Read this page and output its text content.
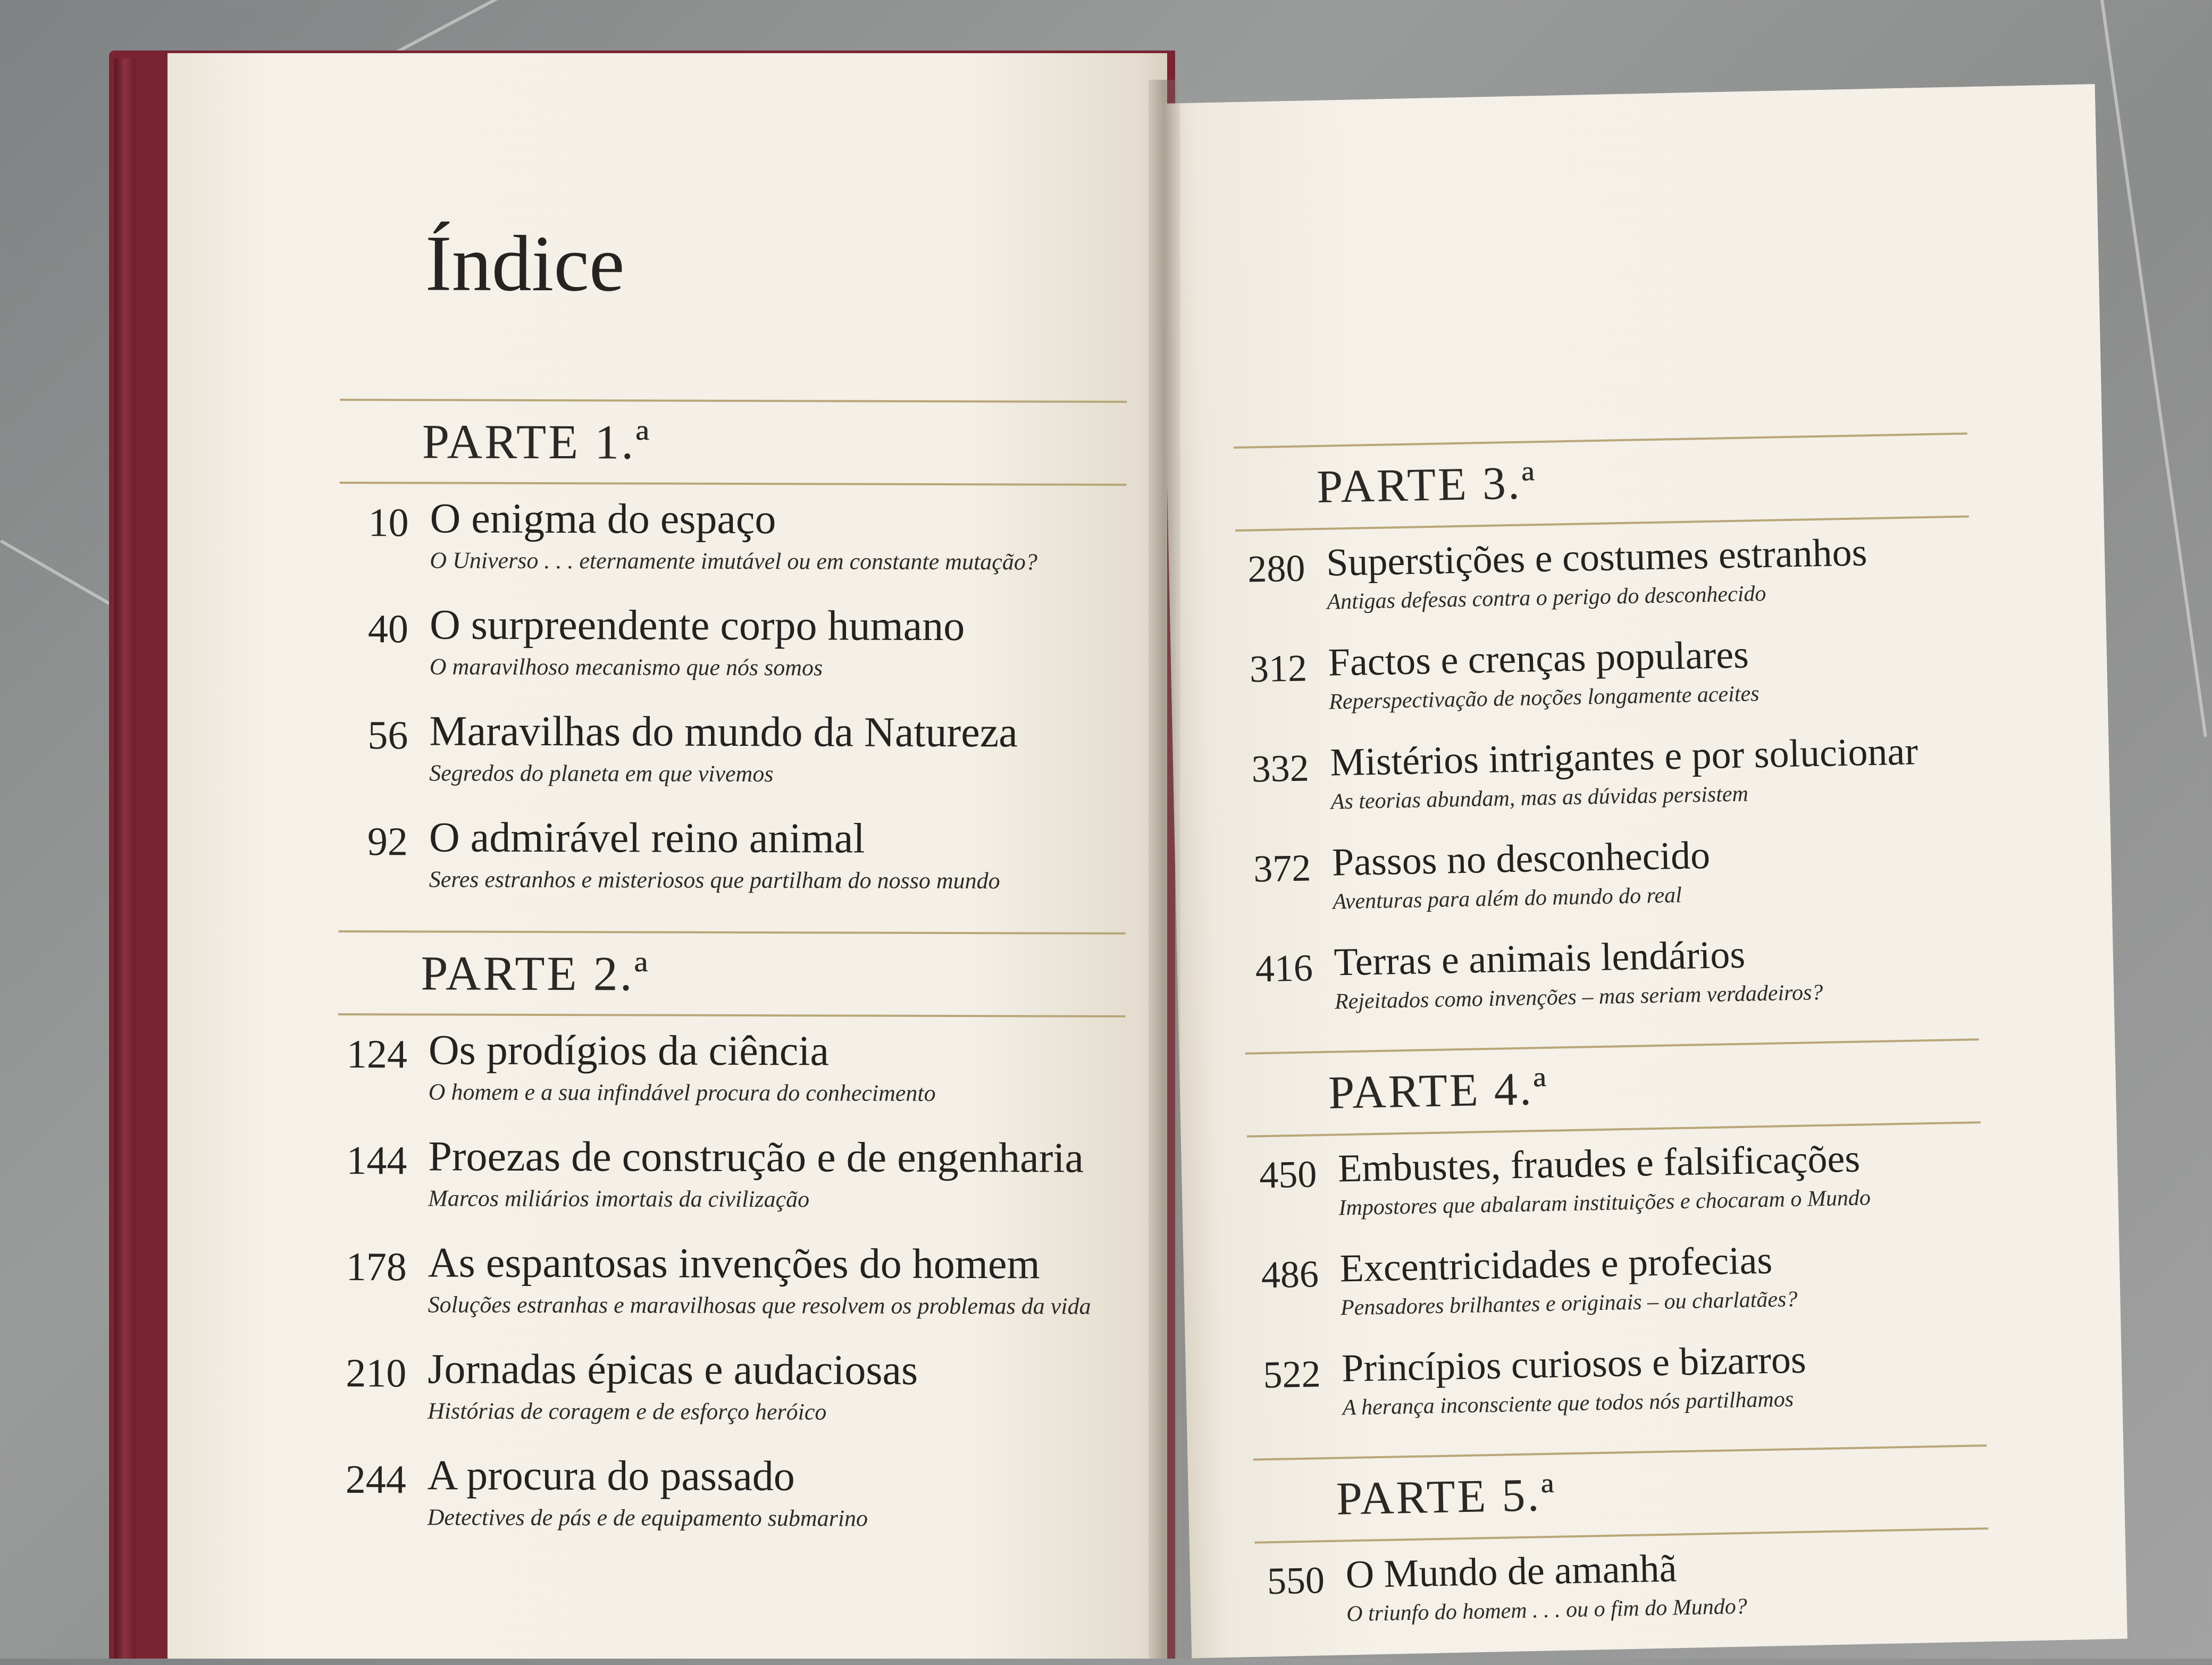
Índice
PARTE 1.ª
10 O enigma do espaço
O Universo . . . eternamente imutável ou em constante mutação?
40 O surpreendente corpo humano
O maravilhoso mecanismo que nós somos
56 Maravilhas do mundo da Natureza
Segredos do planeta em que vivemos
92 O admirável reino animal
Seres estranhos e misteriosos que partilham do nosso mundo
PARTE 2.ª
124 Os prodígios da ciência
O homem e a sua infindável procura do conhecimento
144 Proezas de construção e de engenharia
Marcos miliários imortais da civilização
178 As espantosas invenções do homem
Soluções estranhas e maravilhosas que resolvem os problemas da vida
210 Jornadas épicas e audaciosas
Histórias de coragem e de esforço heróico
244 A procura do passado
Detectives de pás e de equipamento submarino
PARTE 3.ª
280 Superstições e costumes estranhos
Antigas defesas contra o perigo do desconhecido
312 Factos e crenças populares
Reperspectivação de noções longamente aceites
332 Mistérios intrigantes e por solucionar
As teorias abundam, mas as dúvidas persistem
372 Passos no desconhecido
Aventuras para além do mundo do real
416 Terras e animais lendários
Rejeitados como invenções – mas seriam verdadeiros?
PARTE 4.ª
450 Embustes, fraudes e falsificações
Impostores que abalaram instituições e chocaram o Mundo
486 Excentricidades e profecias
Pensadores brilhantes e originais – ou charlatães?
522 Princípios curiosos e bizarros
A herança inconsciente que todos nós partilhamos
PARTE 5.ª
550 O Mundo de amanhã
O triunfo do homem . . . ou o fim do Mundo?
